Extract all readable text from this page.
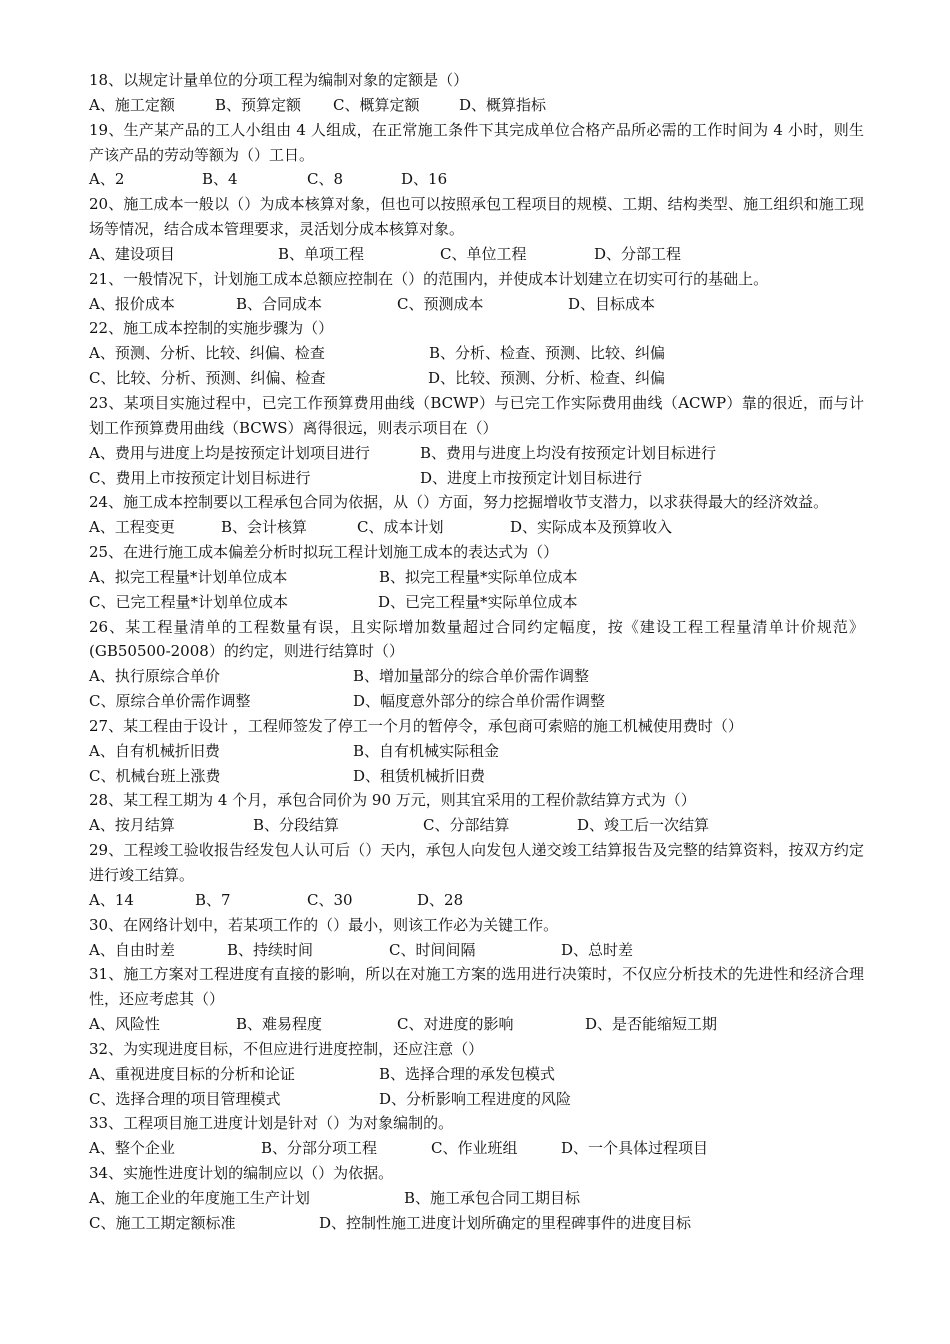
18、以规定计量单位的分项工程为编制对象的定额是（）
A、施工定额	B、预算定额 C、概算定额	D、概算指标
19、生产某产品的工人小组由 4 人组成，在正常施工条件下其完成单位合格产品所必需的工作时间为 4 小时，则生产该产品的劳动等额为（）工日。
A、2	B、4	C、8	D、16
20、施工成本一般以（）为成本核算对象，但也可以按照承包工程项目的规模、工期、结构类型、施工组织和施工现场等情况，结合成本管理要求，灵活划分成本核算对象。
A、建设项目	B、单项工程	C、单位工程	D、分部工程
21、一般情况下，计划施工成本总额应控制在（）的范围内，并使成本计划建立在切实可行的基础上。
A、报价成本	B、合同成本	C、预测成本	D、目标成本
22、施工成本控制的实施步骤为（）
A、预测、分析、比较、纠偏、检查	B、分析、检查、预测、比较、纠偏
C、比较、分析、预测、纠偏、检查	D、比较、预测、分析、检查、纠偏
23、某项目实施过程中，已完工作预算费用曲线（BCWP）与已完工作实际费用曲线（ACWP）靠的很近，而与计划工作预算费用曲线（BCWS）离得很远，则表示项目在（）
A、费用与进度上均是按预定计划项目进行	B、费用与进度上均没有按预定计划目标进行
C、费用上市按预定计划目标进行	D、进度上市按预定计划目标进行
24、施工成本控制要以工程承包合同为依据，从（）方面，努力挖掘增收节支潜力，以求获得最大的经济效益。
A、工程变更	B、会计核算	C、成本计划	D、实际成本及预算收入
25、在进行施工成本偏差分析时拟玩工程计划施工成本的表达式为（）
A、拟完工程量*计划单位成本	B、拟完工程量*实际单位成本
C、已完工程量*计划单位成本	D、已完工程量*实际单位成本
26、某工程量清单的工程数量有误，且实际增加数量超过合同约定幅度，按《建设工程工程量清单计价规范》(GB50500-2008）的约定，则进行结算时（）
A、执行原综合单价	B、增加量部分的综合单价需作调整
C、原综合单价需作调整	D、幅度意外部分的综合单价需作调整
27、某工程由于设计 ，工程师签发了停工一个月的暂停令，承包商可索赔的施工机械使用费时（）
A、自有机械折旧费	B、自有机械实际租金
C、机械台班上涨费	D、租赁机械折旧费
28、某工程工期为 4 个月，承包合同价为 90 万元，则其宜采用的工程价款结算方式为（）
A、按月结算	B、分段结算	C、分部结算	D、竣工后一次结算
29、工程竣工验收报告经发包人认可后（）天内，承包人向发包人递交竣工结算报告及完整的结算资料，按双方约定进行竣工结算。
A、14	B、7	C、30	D、28
30、在网络计划中，若某项工作的（）最小，则该工作必为关键工作。
A、自由时差	B、持续时间	C、时间间隔	D、总时差
31、施工方案对工程进度有直接的影响，所以在对施工方案的选用进行决策时，不仅应分析技术的先进性和经济合理性，还应考虑其（）
A、风险性	B、难易程度	C、对进度的影响	D、是否能缩短工期
32、为实现进度目标，不但应进行进度控制，还应注意（）
A、重视进度目标的分析和论证	B、选择合理的承发包模式
C、选择合理的项目管理模式	D、分析影响工程进度的风险
33、工程项目施工进度计划是针对（）为对象编制的。
A、整个企业	B、分部分项工程	C、作业班组	D、一个具体过程项目
34、实施性进度计划的编制应以（）为依据。
A、施工企业的年度施工生产计划	B、施工承包合同工期目标
C、施工工期定额标准	D、控制性施工进度计划所确定的里程碑事件的进度目标
